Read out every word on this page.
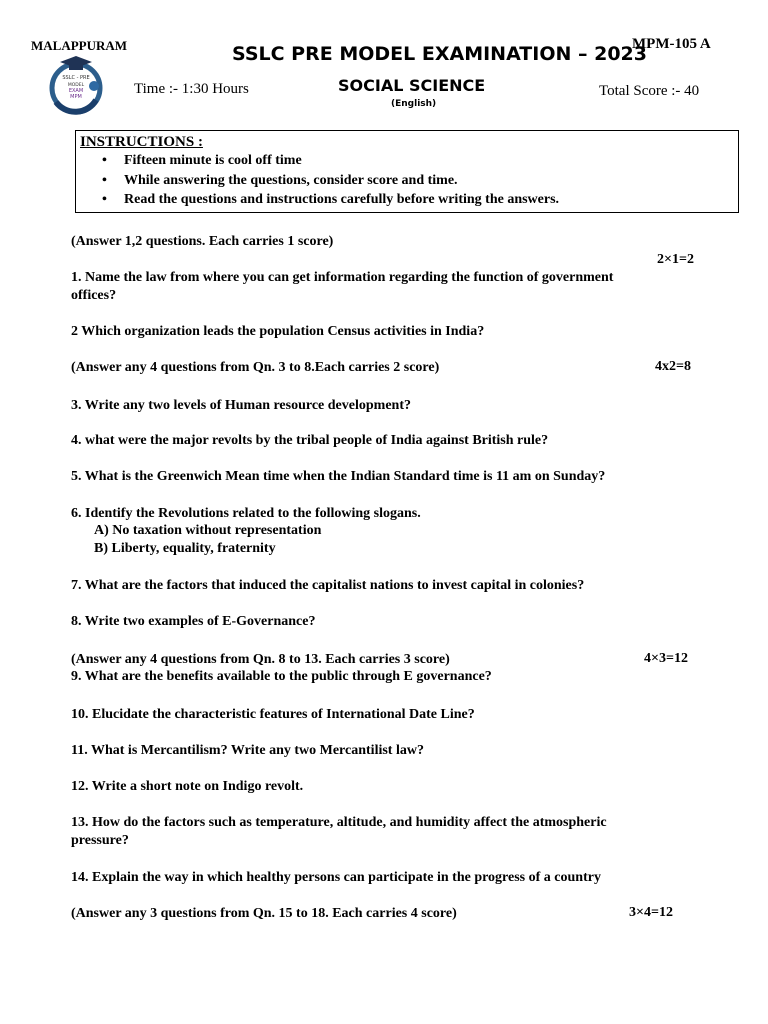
MALAPPURAM	MPM-105 A
SSLC PRE MODEL EXAMINATION – 2023
SOCIAL SCIENCE
(English)
Time :- 1:30 Hours	Total Score :- 40
SSLC - PRE
MODEL
EXAM
MPM
INSTRUCTIONS :
• Fifteen minute is cool off time
• While answering the questions, consider score and time.
• Read the questions and instructions carefully before writing the answers.
(Answer 1,2 questions. Each carries 1 score)
2×1=2
1. Name the law from where you can get information regarding the function of government
offices?
2 Which organization leads the population Census activities in India?
(Answer any 4 questions from Qn. 3 to 8.Each carries 2 score)	4x2=8
3. Write any two levels of Human resource development?
4. what were the major revolts by the tribal people of India against British rule?
5. What is the Greenwich Mean time when the Indian Standard time is 11 am on Sunday?
6. Identify the Revolutions related to the following slogans.
A) No taxation without representation
B) Liberty, equality, fraternity
7. What are the factors that induced the capitalist nations to invest capital in colonies?
8. Write two examples of E-Governance?
(Answer any 4 questions from Qn. 8 to 13. Each carries 3 score)	4×3=12
9. What are the benefits available to the public through E governance?
10. Elucidate the characteristic features of International Date Line?
11. What is Mercantilism? Write any two Mercantilist law?
12. Write a short note on Indigo revolt.
13. How do the factors such as temperature, altitude, and humidity affect the atmospheric
pressure?
14. Explain the way in which healthy persons can participate in the progress of a country
(Answer any 3 questions from Qn. 15 to 18. Each carries 4 score)	3×4=12
